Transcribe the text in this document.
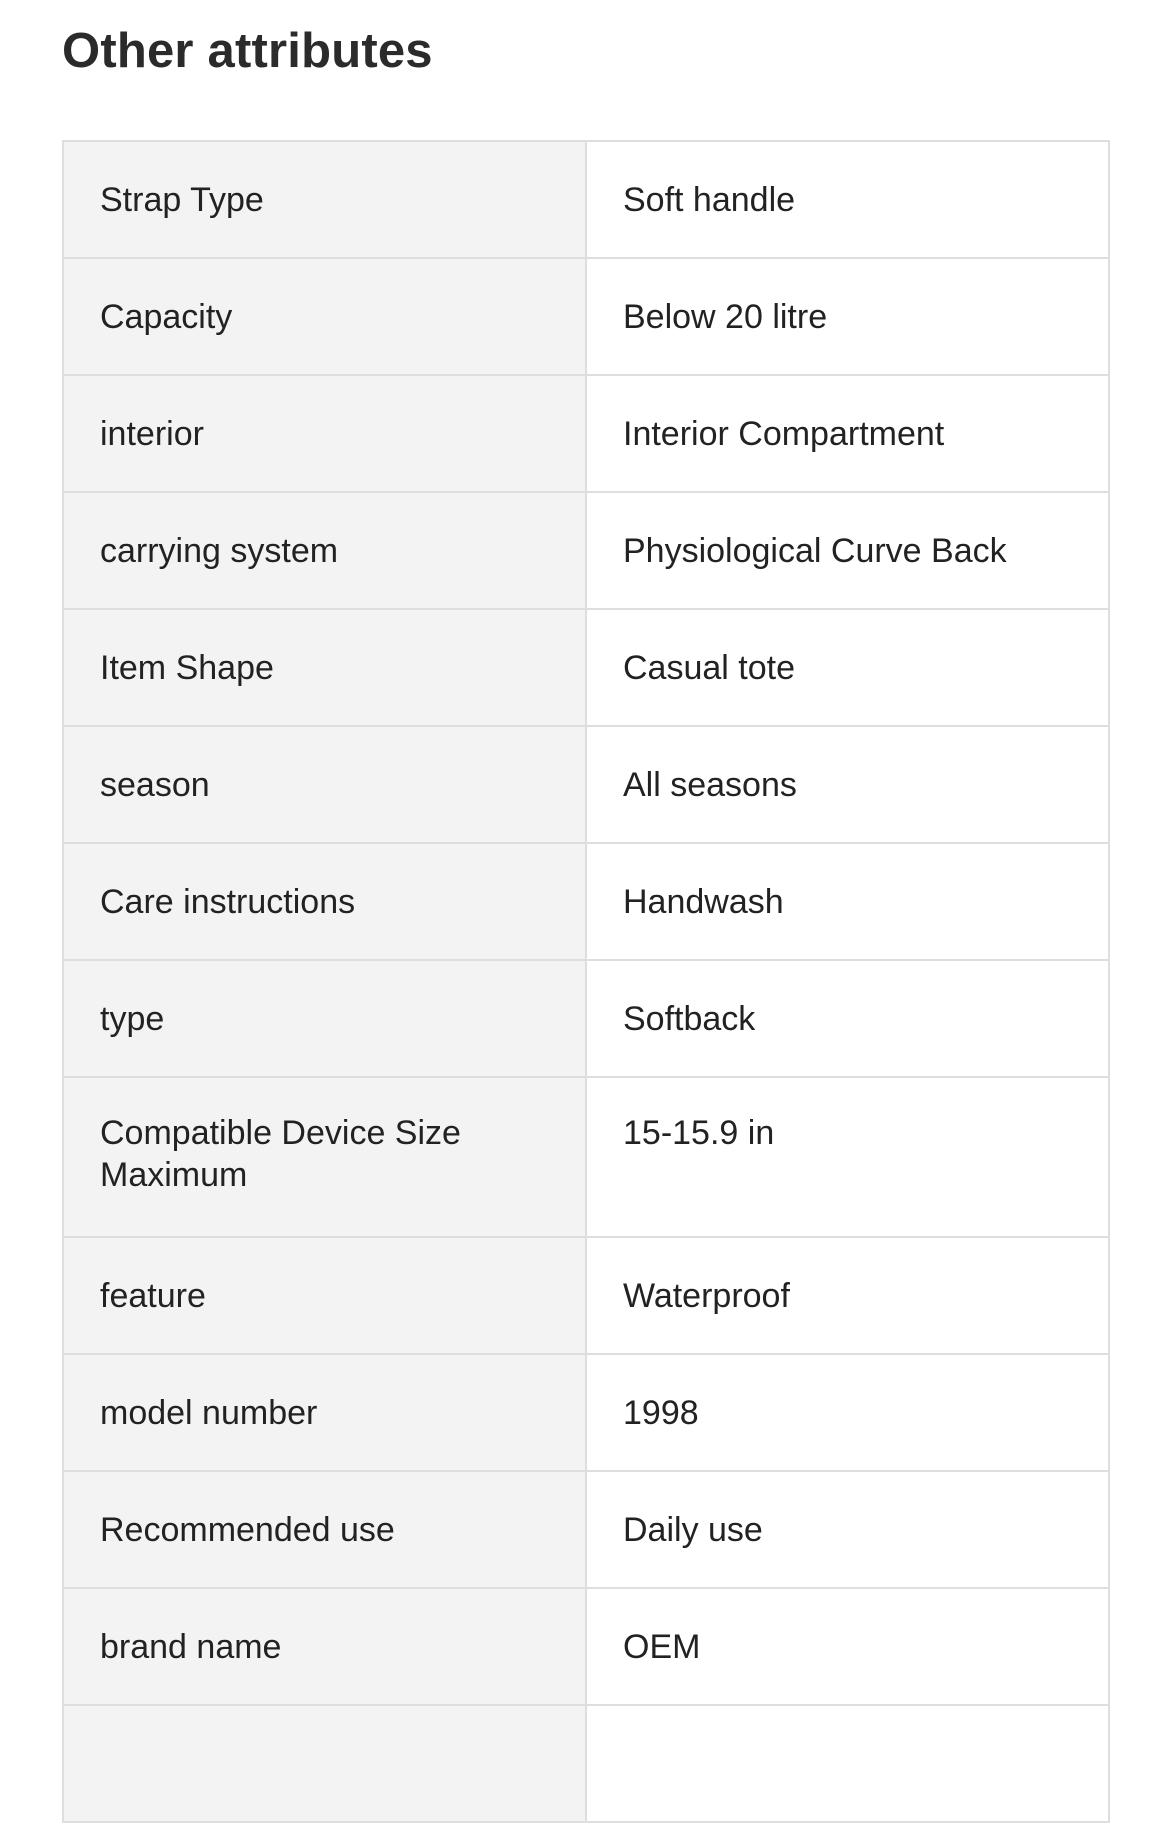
Other attributes
Strap Type	Soft handle
Capacity	Below 20 litre
interior	Interior Compartment
carrying system	Physiological Curve Back
Item Shape	Casual tote
season	All seasons
Care instructions	Handwash
type	Softback
Compatible Device Size Maximum	15-15.9 in
feature	Waterproof
model number	1998
Recommended use	Daily use
brand name	OEM
